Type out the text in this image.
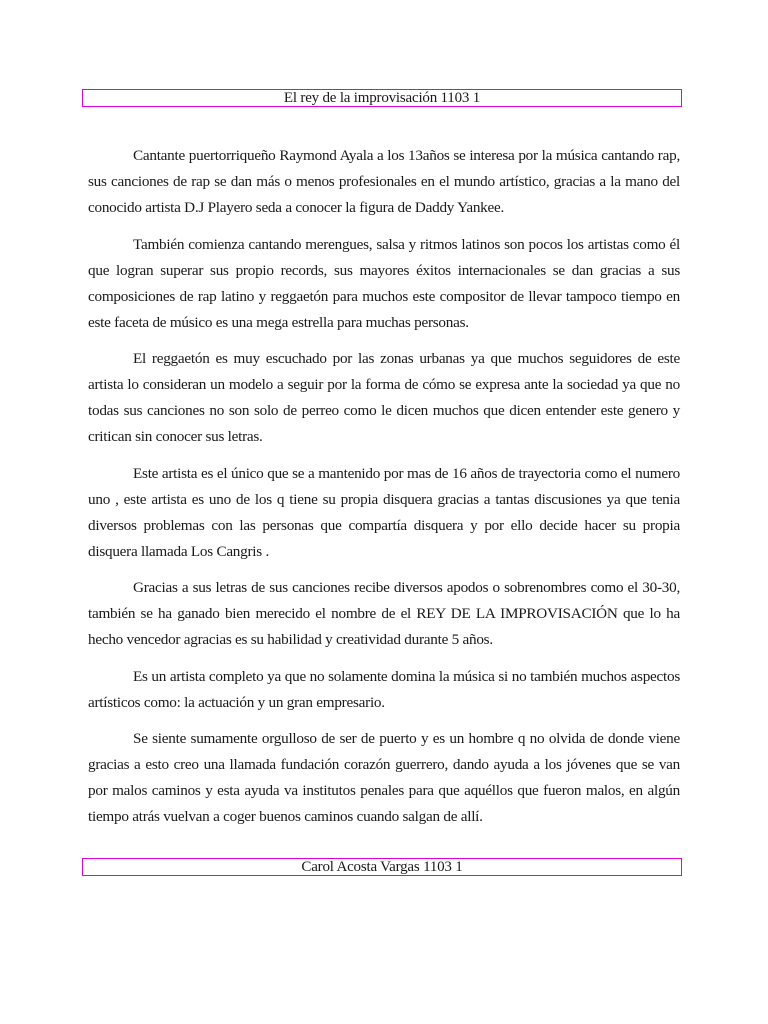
El rey de la improvisación 1103 1

Cantante puertorriqueño Raymond Ayala a los 13años se interesa por la música cantando rap, sus canciones de rap se dan más o menos profesionales en el mundo artístico, gracias a la mano del conocido artista D.J Playero seda a conocer la figura de Daddy Yankee.

También comienza cantando merengues, salsa y ritmos latinos son pocos los artistas como él que logran superar sus propio records, sus mayores éxitos internacionales se dan gracias a sus composiciones de rap latino y reggaetón para muchos este compositor de llevar tampoco tiempo en este faceta de músico es una mega estrella para muchas personas.

El reggaetón es muy escuchado por las zonas urbanas ya que muchos seguidores de este artista lo consideran un modelo a seguir por la forma de cómo se expresa ante la sociedad ya que no todas sus canciones no son solo de perreo como le dicen muchos que dicen entender este genero y critican sin conocer sus letras.

Este artista es el único que se a mantenido por mas de 16 años de trayectoria como el numero uno , este artista es uno de los q tiene su propia disquera gracias a tantas discusiones ya que tenia diversos problemas con las personas que compartía disquera y por ello decide hacer su propia disquera llamada Los Cangris .

Gracias a sus letras de sus canciones recibe diversos apodos o sobrenombres como el 30-30, también se ha ganado bien merecido el nombre de el REY DE LA IMPROVISACIÓN que lo ha hecho vencedor agracias es su habilidad y creatividad durante 5 años.

Es un artista completo ya que no solamente domina la música si no también muchos aspectos artísticos como: la actuación y un gran empresario.

Se siente sumamente orgulloso de ser de puerto y es un hombre q no olvida de donde viene gracias a esto creo una llamada fundación corazón guerrero, dando ayuda a los jóvenes que se van por malos caminos y esta ayuda va institutos penales para que aquéllos que fueron malos, en algún tiempo atrás vuelvan a coger buenos caminos cuando salgan de allí.

Carol Acosta Vargas 1103 1
